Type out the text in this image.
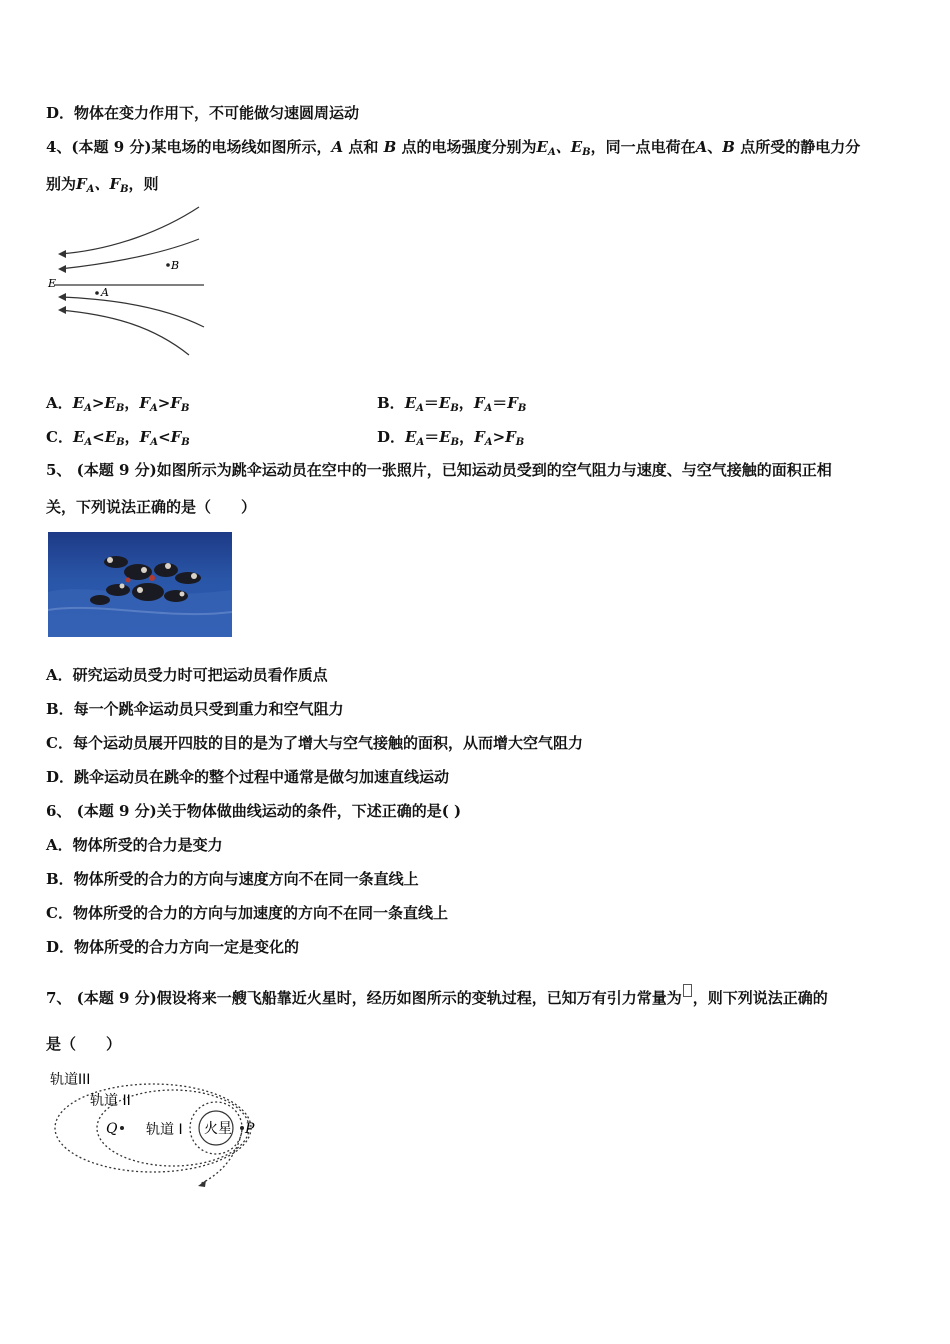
D．物体在变力作用下，不可能做匀速圆周运动
4、(本题 9 分)某电场的电场线如图所示，A 点和 B 点的电场强度分别为$E_A$、$E_B$，同一点电荷在A、B 点所受的静电力分
别为$F_A$、$F_B$，则
E
B
A
A．$E_A>E_B$，$F_A>F_B$	B．$E_A=E_B$，$F_A=F_B$
C．$E_A<E_B$，$F_A<F_B$	D．$E_A=E_B$，$F_A>F_B$
5、 (本题 9 分)如图所示为跳伞运动员在空中的一张照片，已知运动员受到的空气阻力与速度、与空气接触的面积正相
关，下列说法正确的是（　　）
A．研究运动员受力时可把运动员看作质点
B．每一个跳伞运动员只受到重力和空气阻力
C．每个运动员展开四肢的目的是为了增大与空气接触的面积，从而增大空气阻力
D．跳伞运动员在跳伞的整个过程中通常是做匀加速直线运动
6、 (本题 9 分)关于物体做曲线运动的条件，下述正确的是( )
A．物体所受的合力是变力
B．物体所受的合力的方向与速度方向不在同一条直线上
C．物体所受的合力的方向与加速度的方向不在同一条直线上
D．物体所受的合力方向一定是变化的
7、 (本题 9 分)假设将来一艘飞船靠近火星时，经历如图所示的变轨过程，已知万有引力常量为 ，则下列说法正确的
是（　　）
火星
轨道III
轨道 II
轨道 I
Q	P
